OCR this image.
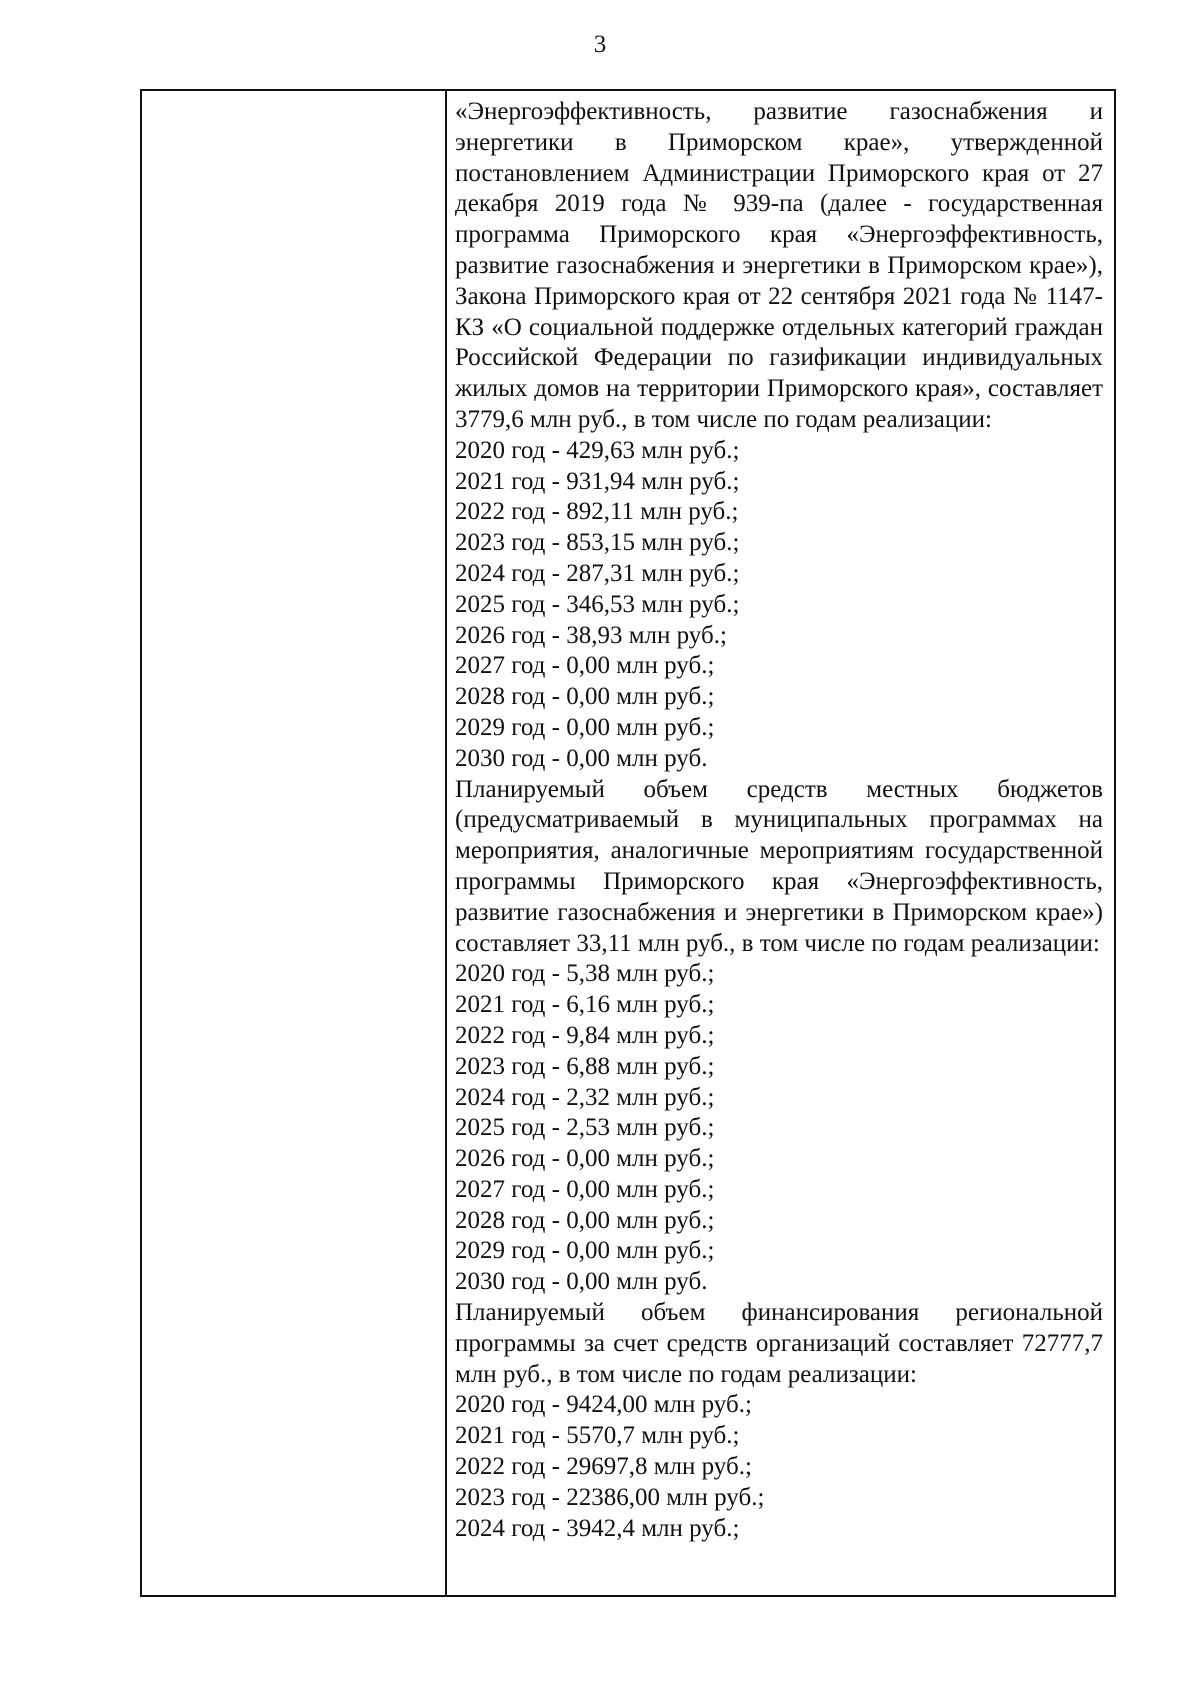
3

«Энергоэффективность, развитие газоснабжения и энергетики в Приморском крае», утвержденной постановлением Администрации Приморского края от 27 декабря 2019 года № 939-па (далее - государственная программа Приморского края «Энергоэффективность, развитие газоснабжения и энергетики в Приморском крае»), Закона Приморского края от 22 сентября 2021 года № 1147-КЗ «О социальной поддержке отдельных категорий граждан Российской Федерации по газификации индивидуальных жилых домов на территории Приморского края», составляет 3779,6 млн руб., в том числе по годам реализации:

2020 год - 429,63 млн руб.;

2021 год - 931,94 млн руб.;

2022 год - 892,11 млн руб.;

2023 год - 853,15 млн руб.;

2024 год - 287,31 млн руб.;

2025 год - 346,53 млн руб.;

2026 год - 38,93 млн руб.;

2027 год - 0,00 млн руб.;

2028 год - 0,00 млн руб.;

2029 год - 0,00 млн руб.;

2030 год - 0,00 млн руб.

Планируемый объем средств местных бюджетов (предусматриваемый в муниципальных программах на мероприятия, аналогичные мероприятиям государственной программы Приморского края «Энергоэффективность, развитие газоснабжения и энергетики в Приморском крае») составляет 33,11 млн руб., в том числе по годам реализации:

2020 год - 5,38 млн руб.;

2021 год - 6,16 млн руб.;

2022 год - 9,84 млн руб.;

2023 год - 6,88 млн руб.;

2024 год - 2,32 млн руб.;

2025 год - 2,53 млн руб.;

2026 год - 0,00 млн руб.;

2027 год - 0,00 млн руб.;

2028 год - 0,00 млн руб.;

2029 год - 0,00 млн руб.;

2030 год - 0,00 млн руб.

Планируемый объем финансирования региональной программы за счет средств организаций составляет 72777,7 млн руб., в том числе по годам реализации:

2020 год - 9424,00 млн руб.;

2021 год - 5570,7 млн руб.;

2022 год - 29697,8 млн руб.;

2023 год - 22386,00 млн руб.;

2024 год - 3942,4 млн руб.;
